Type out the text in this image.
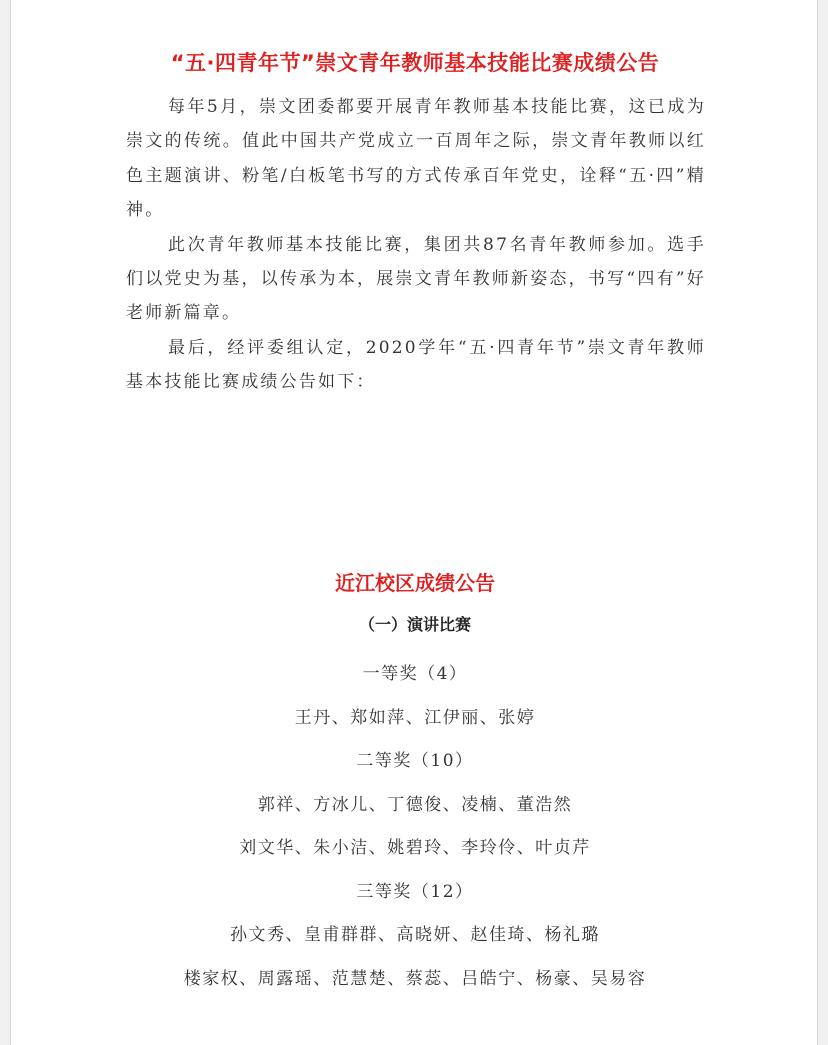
“五·四青年节”崇文青年教师基本技能比赛成绩公告

每年5月，崇文团委都要开展青年教师基本技能比赛，这已成为崇文的传统。值此中国共产党成立一百周年之际，崇文青年教师以红色主题演讲、粉笔/白板笔书写的方式传承百年党史，诠释“五·四”精神。

此次青年教师基本技能比赛，集团共87名青年教师参加。选手们以党史为基，以传承为本，展崇文青年教师新姿态，书写“四有”好老师新篇章。

最后，经评委组认定，2020学年“五·四青年节”崇文青年教师基本技能比赛成绩公告如下：

近江校区成绩公告
（一）演讲比赛
一等奖（4）
王丹、郑如萍、江伊丽、张婷
二等奖（10）
郭祥、方冰儿、丁德俊、凌楠、董浩然
刘文华、朱小洁、姚碧玲、李玲伶、叶贞芹
三等奖（12）
孙文秀、皇甫群群、高晓妍、赵佳琦、杨礼璐
楼家权、周露瑶、范慧楚、蔡蕊、吕皓宁、杨豪、吴易容
